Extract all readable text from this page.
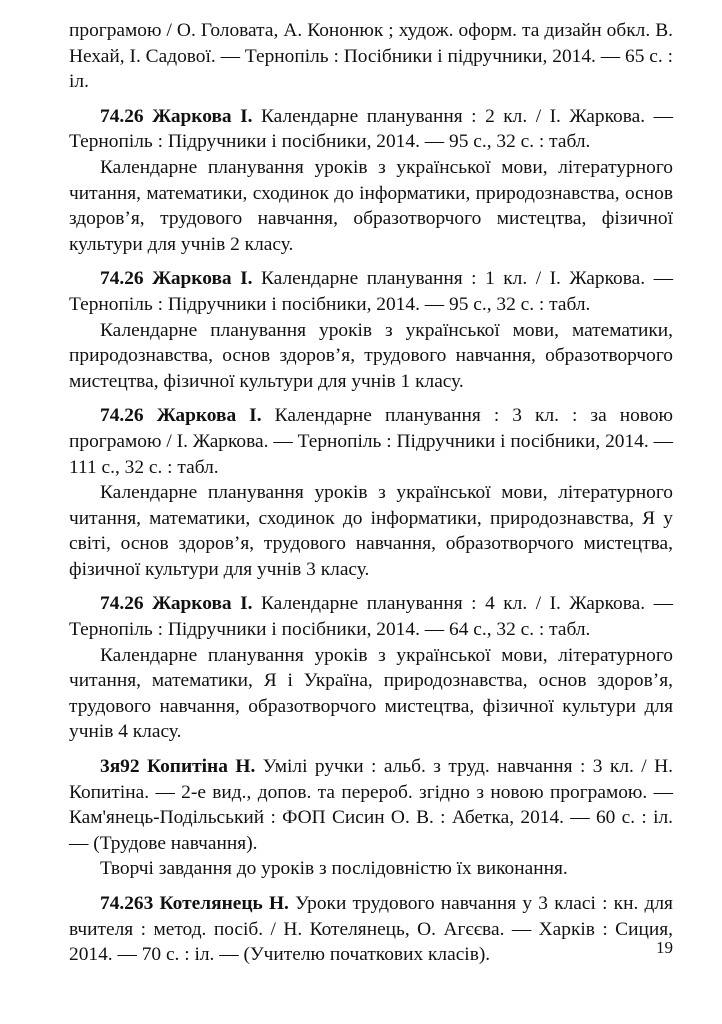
програмою / О. Головата, А. Кононюк ; худож. оформ. та дизайн обкл. В. Нехай, І. Садової. — Тернопіль : Посібники і підручники, 2014. — 65 с. : іл.

74.26 Жаркова І. Календарне планування : 2 кл. / І. Жаркова. — Тернопіль : Підручники і посібники, 2014. — 95 с., 32 с. : табл.

Календарне планування уроків з української мови, літературного читання, математики, сходинок до інформатики, природознавства, основ здоров’я, трудового навчання, образотворчого мистецтва, фізичної культури для учнів 2 класу.

74.26 Жаркова І. Календарне планування : 1 кл. / І. Жаркова. — Тернопіль : Підручники і посібники, 2014. — 95 с., 32 с. : табл.

Календарне планування уроків з української мови, математики, природознавства, основ здоров’я, трудового навчання, образотворчого мистецтва, фізичної культури для учнів 1 класу.

74.26 Жаркова І. Календарне планування : 3 кл. : за новою програмою / І. Жаркова. — Тернопіль : Підручники і посібники, 2014. — 111 с., 32 с. : табл.

Календарне планування уроків з української мови, літературного читання, математики, сходинок до інформатики, природознавства, Я у світі, основ здоров’я, трудового навчання, образотворчого мистецтва, фізичної культури для учнів 3 класу.

74.26 Жаркова І. Календарне планування : 4 кл. / І. Жаркова. — Тернопіль : Підручники і посібники, 2014. — 64 с., 32 с. : табл.

Календарне планування уроків з української мови, літературного читання, математики, Я і Україна, природознавства, основ здоров’я, трудового навчання, образотворчого мистецтва, фізичної культури для учнів 4 класу.

3я92 Копитіна Н. Умілі ручки : альб. з труд. навчання : 3 кл. / Н. Копитіна. — 2-е вид., допов. та перероб. згідно з новою програмою. — Кам'янець-Подільський : ФОП Сисин О. В. : Абетка, 2014. — 60 с. : іл. — (Трудове навчання).

Творчі завдання до уроків з послідовністю їх виконання.

74.263 Котелянець Н. Уроки трудового навчання у 3 класі : кн. для вчителя : метод. посіб. / Н. Котелянець, О. Агєєва. — Харків : Сиция, 2014. — 70 с. : іл. — (Учителю початкових класів).	19
